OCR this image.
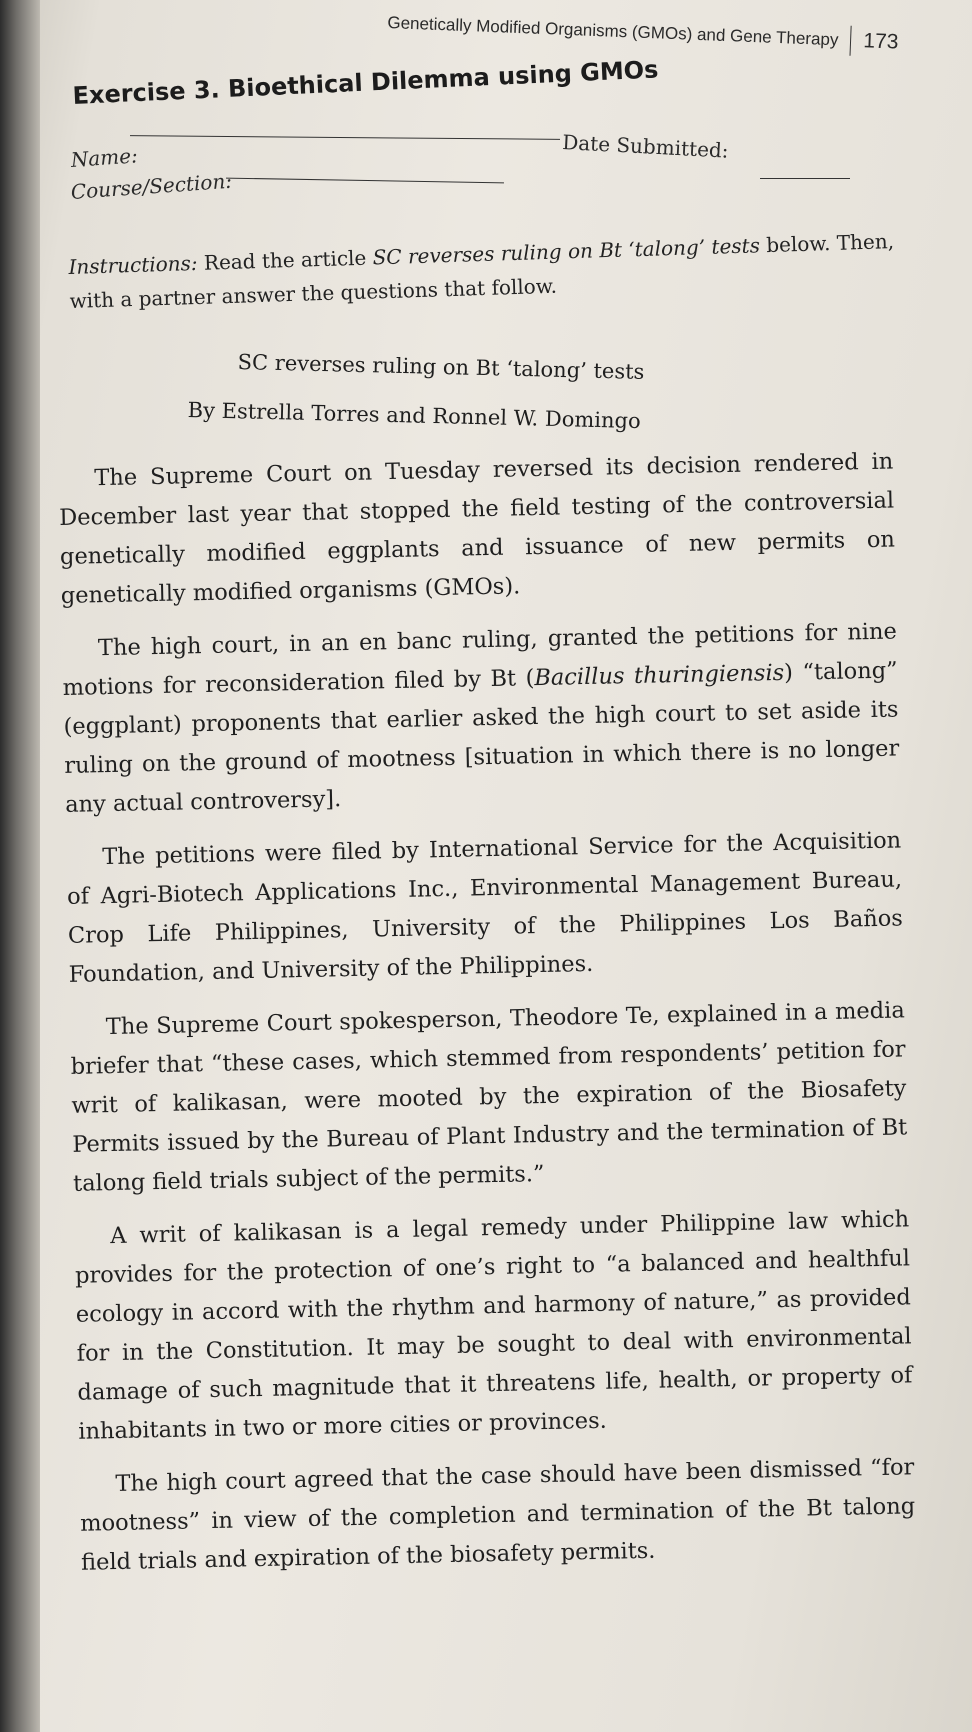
Genetically Modified Organisms (GMOs) and Gene Therapy 173
Exercise 3. Bioethical Dilemma using GMOs
Name:	Date Submitted:
Course/Section:
Instructions: Read the article SC reverses ruling on Bt ‘talong’ tests below. Then, with a partner answer the questions that follow.
SC reverses ruling on Bt ‘talong’ tests
By Estrella Torres and Ronnel W. Domingo

The Supreme Court on Tuesday reversed its decision rendered in December last year that stopped the field testing of the controversial genetically modified eggplants and issuance of new permits on genetically modified organisms (GMOs).

The high court, in an en banc ruling, granted the petitions for nine motions for reconsideration filed by Bt (Bacillus thuringiensis) “talong” (eggplant) proponents that earlier asked the high court to set aside its ruling on the ground of mootness [situation in which there is no longer any actual controversy].

The petitions were filed by International Service for the Acquisition of Agri-Biotech Applications Inc., Environmental Management Bureau, Crop Life Philippines, University of the Philippines Los Baños Foundation, and University of the Philippines.

The Supreme Court spokesperson, Theodore Te, explained in a media briefer that “these cases, which stemmed from respondents’ petition for writ of kalikasan, were mooted by the expiration of the Biosafety Permits issued by the Bureau of Plant Industry and the termination of Bt talong field trials subject of the permits.”

A writ of kalikasan is a legal remedy under Philippine law which provides for the protection of one’s right to “a balanced and healthful ecology in accord with the rhythm and harmony of nature,” as provided for in the Constitution. It may be sought to deal with environmental damage of such magnitude that it threatens life, health, or property of inhabitants in two or more cities or provinces.

The high court agreed that the case should have been dismissed “for mootness” in view of the completion and termination of the Bt talong field trials and expiration of the biosafety permits.
